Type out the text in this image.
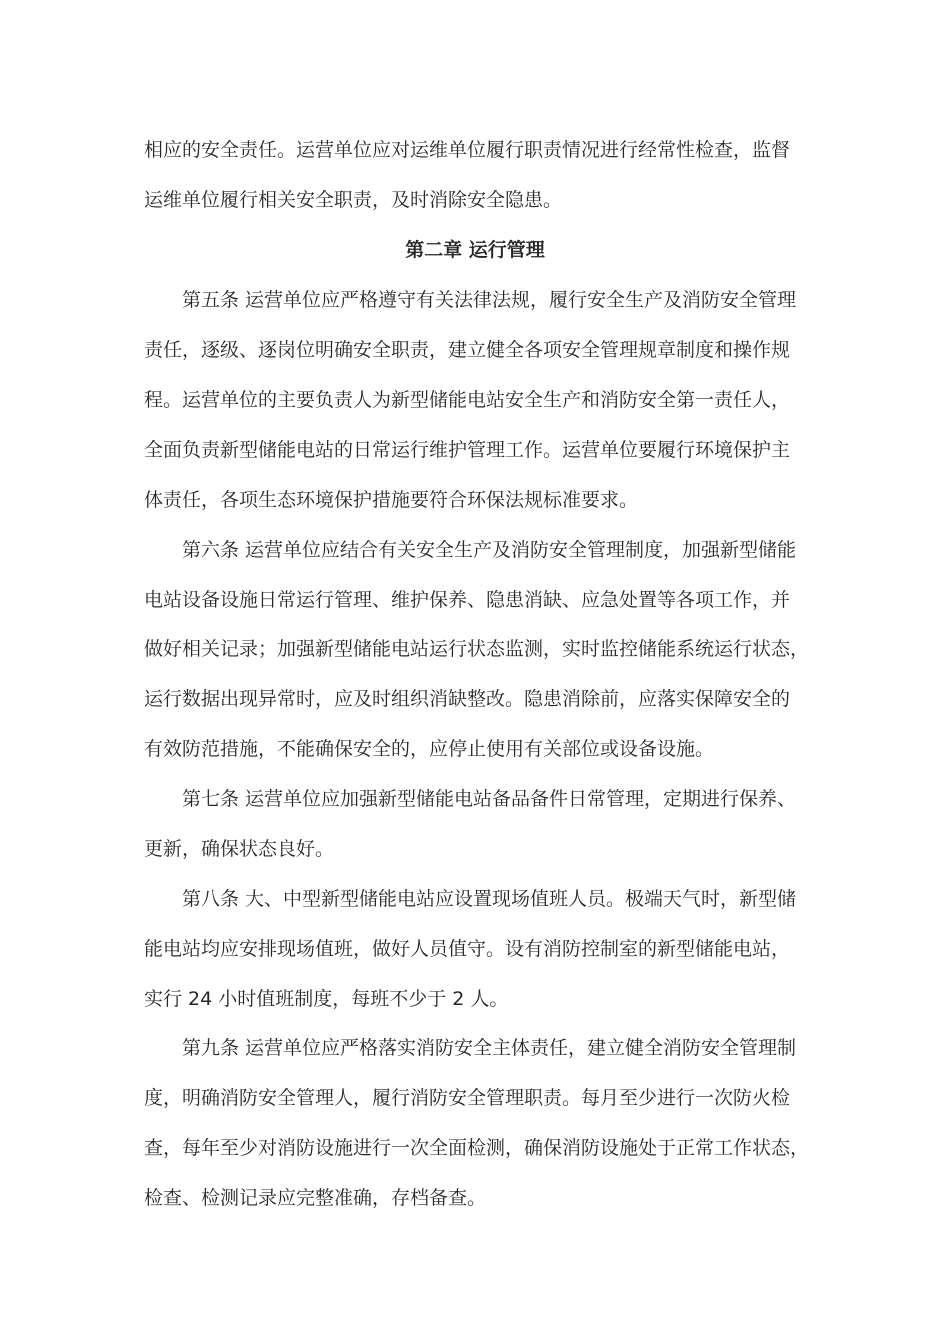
相应的安全责任。运营单位应对运维单位履行职责情况进行经常性检查，监督
运维单位履行相关安全职责，及时消除安全隐患。
第二章 运行管理
第五条 运营单位应严格遵守有关法律法规，履行安全生产及消防安全管理
责任，逐级、逐岗位明确安全职责，建立健全各项安全管理规章制度和操作规
程。运营单位的主要负责人为新型储能电站安全生产和消防安全第一责任人，
全面负责新型储能电站的日常运行维护管理工作。运营单位要履行环境保护主
体责任，各项生态环境保护措施要符合环保法规标准要求。
第六条 运营单位应结合有关安全生产及消防安全管理制度，加强新型储能
电站设备设施日常运行管理、维护保养、隐患消缺、应急处置等各项工作，并
做好相关记录；加强新型储能电站运行状态监测，实时监控储能系统运行状态，
运行数据出现异常时，应及时组织消缺整改。隐患消除前，应落实保障安全的
有效防范措施，不能确保安全的，应停止使用有关部位或设备设施。
第七条 运营单位应加强新型储能电站备品备件日常管理，定期进行保养、
更新，确保状态良好。
第八条 大、中型新型储能电站应设置现场值班人员。极端天气时，新型储
能电站均应安排现场值班，做好人员值守。设有消防控制室的新型储能电站，
实行 24 小时值班制度，每班不少于 2 人。
第九条 运营单位应严格落实消防安全主体责任，建立健全消防安全管理制
度，明确消防安全管理人，履行消防安全管理职责。每月至少进行一次防火检
查，每年至少对消防设施进行一次全面检测，确保消防设施处于正常工作状态，
检查、检测记录应完整准确，存档备查。
